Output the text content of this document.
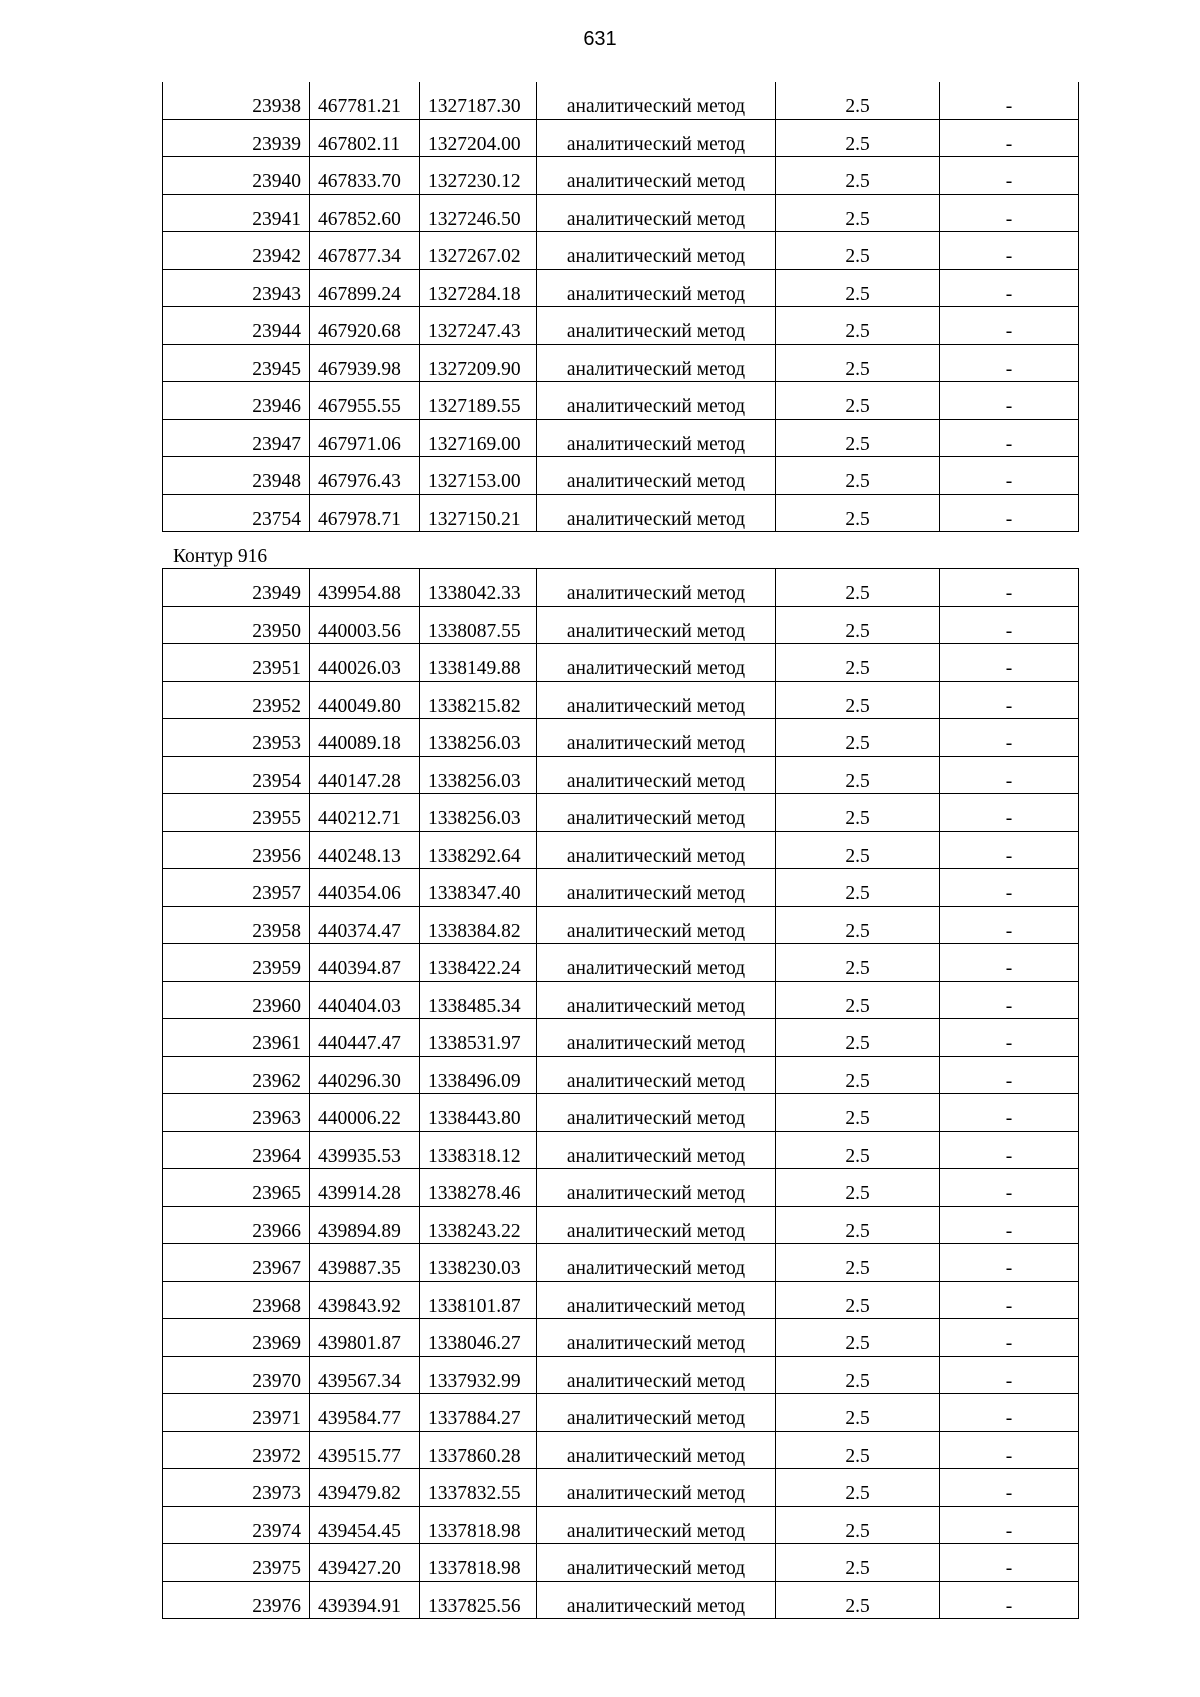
631
23938	467781.21	1327187.30	аналитический метод	2.5	-
23939	467802.11	1327204.00	аналитический метод	2.5	-
23940	467833.70	1327230.12	аналитический метод	2.5	-
23941	467852.60	1327246.50	аналитический метод	2.5	-
23942	467877.34	1327267.02	аналитический метод	2.5	-
23943	467899.24	1327284.18	аналитический метод	2.5	-
23944	467920.68	1327247.43	аналитический метод	2.5	-
23945	467939.98	1327209.90	аналитический метод	2.5	-
23946	467955.55	1327189.55	аналитический метод	2.5	-
23947	467971.06	1327169.00	аналитический метод	2.5	-
23948	467976.43	1327153.00	аналитический метод	2.5	-
23754	467978.71	1327150.21	аналитический метод	2.5	-
Контур 916
23949	439954.88	1338042.33	аналитический метод	2.5	-
23950	440003.56	1338087.55	аналитический метод	2.5	-
23951	440026.03	1338149.88	аналитический метод	2.5	-
23952	440049.80	1338215.82	аналитический метод	2.5	-
23953	440089.18	1338256.03	аналитический метод	2.5	-
23954	440147.28	1338256.03	аналитический метод	2.5	-
23955	440212.71	1338256.03	аналитический метод	2.5	-
23956	440248.13	1338292.64	аналитический метод	2.5	-
23957	440354.06	1338347.40	аналитический метод	2.5	-
23958	440374.47	1338384.82	аналитический метод	2.5	-
23959	440394.87	1338422.24	аналитический метод	2.5	-
23960	440404.03	1338485.34	аналитический метод	2.5	-
23961	440447.47	1338531.97	аналитический метод	2.5	-
23962	440296.30	1338496.09	аналитический метод	2.5	-
23963	440006.22	1338443.80	аналитический метод	2.5	-
23964	439935.53	1338318.12	аналитический метод	2.5	-
23965	439914.28	1338278.46	аналитический метод	2.5	-
23966	439894.89	1338243.22	аналитический метод	2.5	-
23967	439887.35	1338230.03	аналитический метод	2.5	-
23968	439843.92	1338101.87	аналитический метод	2.5	-
23969	439801.87	1338046.27	аналитический метод	2.5	-
23970	439567.34	1337932.99	аналитический метод	2.5	-
23971	439584.77	1337884.27	аналитический метод	2.5	-
23972	439515.77	1337860.28	аналитический метод	2.5	-
23973	439479.82	1337832.55	аналитический метод	2.5	-
23974	439454.45	1337818.98	аналитический метод	2.5	-
23975	439427.20	1337818.98	аналитический метод	2.5	-
23976	439394.91	1337825.56	аналитический метод	2.5	-
